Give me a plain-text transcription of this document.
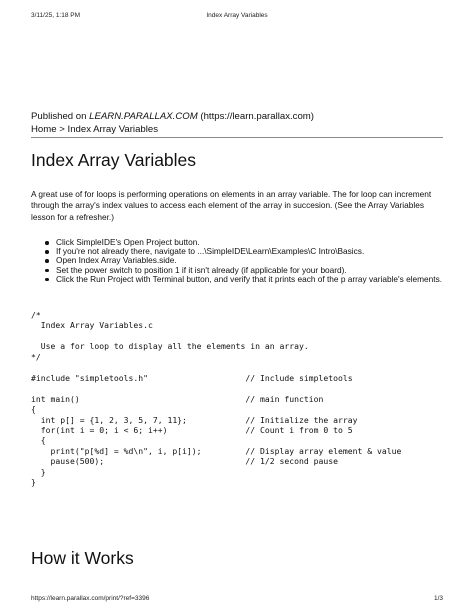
3/11/25, 1:18 PM	Index Array Variables
Published on LEARN.PARALLAX.COM (https://learn.parallax.com)
Home > Index Array Variables
Index Array Variables

A great use of for loops is performing operations on elements in an array variable. The for loop can increment through the array's index values to access each element of the array in succesion. (See the Array Variables lesson for a refresher.)

Click SimpleIDE's Open Project button.
If you're not already there, navigate to ...\SimpleIDE\Learn\Examples\C Intro\Basics.
Open Index Array Variables.side.
Set the power switch to position 1 if it isn't already (if applicable for your board).
Click the Run Project with Terminal button, and verify that it prints each of the p array variable's elements.
/*
Index Array Variables.c

Use a for loop to display all the elements in an array.
*/

#include "simpletools.h"                    // Include simpletools

int main()                                  // main function
{
int p[] = {1, 2, 3, 5, 7, 11};            // Initialize the array
for(int i = 0; i < 6; i++)                // Count i from 0 to 5
{
print("p[%d] = %d\n", i, p[i]);         // Display array element & value
pause(500);                             // 1/2 second pause
}
}
How it Works
https://learn.parallax.com/print/?ref=3396	1/3
